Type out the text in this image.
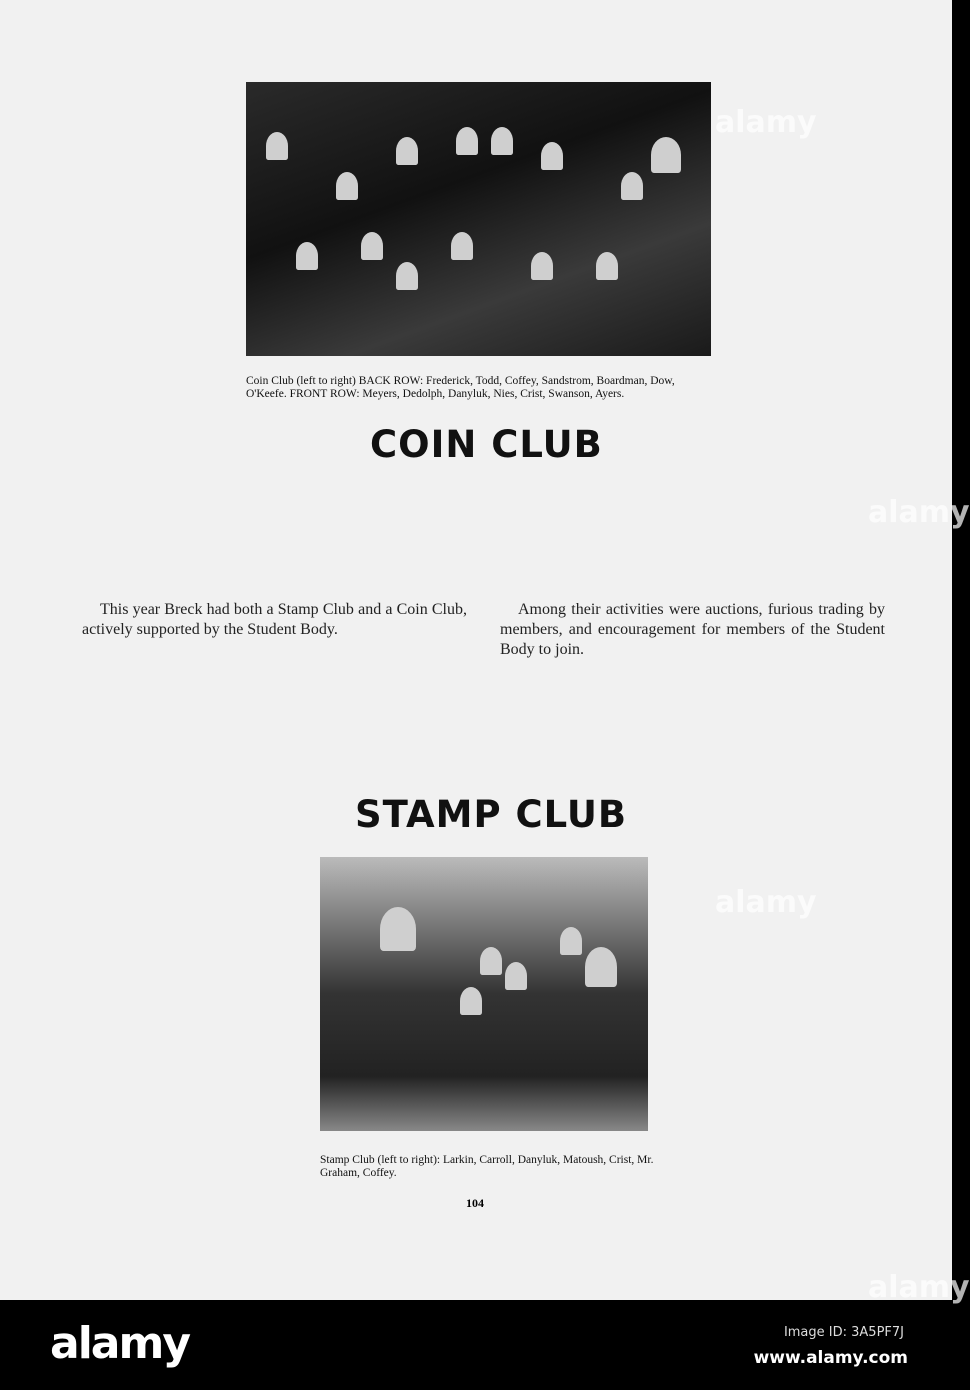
Coin Club (left to right) BACK ROW: Frederick, Todd, Coffey, Sandstrom, Boardman, Dow, O'Keefe. FRONT ROW: Meyers, Dedolph, Danyluk, Nies, Crist, Swanson, Ayers.
COIN CLUB
This year Breck had both a Stamp Club and a Coin Club, actively supported by the Student Body.
Among their activities were auctions, furious trading by members, and encouragement for members of the Student Body to join.
STAMP CLUB
Stamp Club (left to right): Larkin, Carroll, Danyluk, Matoush, Crist, Mr. Graham, Coffey.
104
alamy
alamy
alamy
alamy
alamy	Image ID: 3A5PF7J
www.alamy.com
